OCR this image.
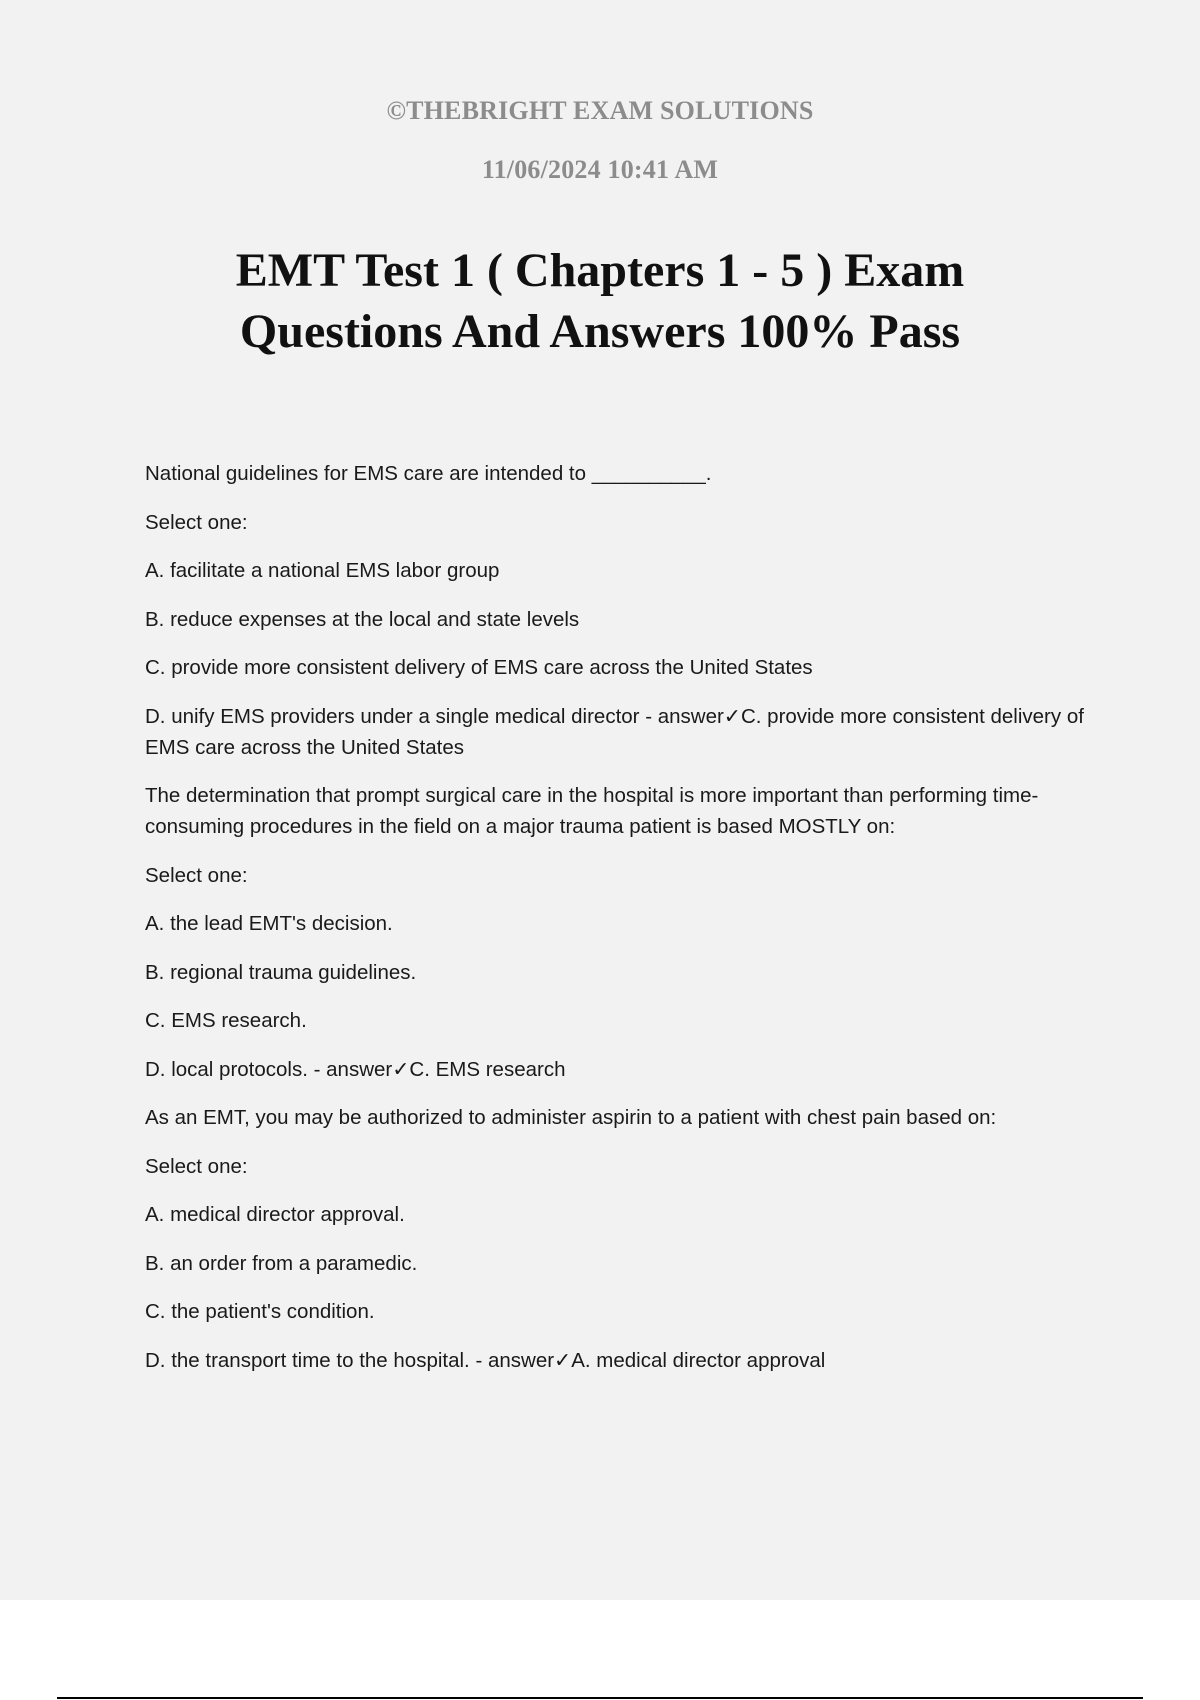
©THEBRIGHT EXAM SOLUTIONS
11/06/2024 10:41 AM
EMT Test 1 ( Chapters 1 - 5 ) Exam
Questions And Answers 100% Pass

National guidelines for EMS care are intended to __________.

Select one:

A. facilitate a national EMS labor group

B. reduce expenses at the local and state levels

C. provide more consistent delivery of EMS care across the United States

D. unify EMS providers under a single medical director - answer✓C. provide more consistent delivery of EMS care across the United States

The determination that prompt surgical care in the hospital is more important than performing time-consuming procedures in the field on a major trauma patient is based MOSTLY on:

Select one:

A. the lead EMT's decision.

B. regional trauma guidelines.

C. EMS research.

D. local protocols. - answer✓C. EMS research

As an EMT, you may be authorized to administer aspirin to a patient with chest pain based on:

Select one:

A. medical director approval.

B. an order from a paramedic.

C. the patient's condition.

D. the transport time to the hospital. - answer✓A. medical director approval
